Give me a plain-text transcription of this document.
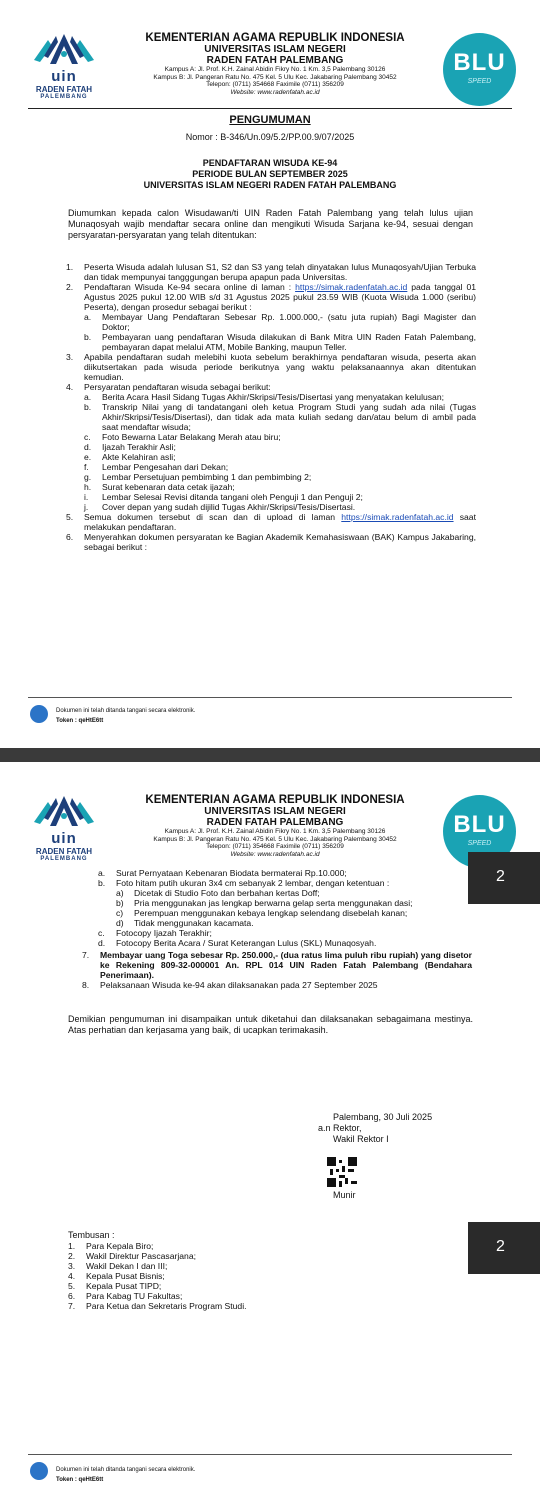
uin
RADEN FATAH
PALEMBANG
KEMENTERIAN AGAMA REPUBLIK INDONESIA
UNIVERSITAS ISLAM NEGERI
RADEN FATAH PALEMBANG
Kampus A: Jl. Prof. K.H. Zainal Abidin Fikry No. 1 Km. 3,5 Palembang 30126
Kampus B: Jl. Pangeran Ratu No. 475 Kel. 5 Ulu Kec. Jakabaring Palembang 30452
Telepon: (0711) 354668 Faximile (0711) 356209
Website: www.radenfatah.ac.id
BLU
SPEED
PENGUMUMAN
Nomor : B-346/Un.09/5.2/PP.00.9/07/2025
PENDAFTARAN WISUDA KE-94
PERIODE BULAN SEPTEMBER 2025
UNIVERSITAS ISLAM NEGERI RADEN FATAH PALEMBANG
Diumumkan kepada calon Wisudawan/ti UIN Raden Fatah Palembang yang telah lulus ujian Munaqosyah wajib mendaftar secara online dan mengikuti Wisuda Sarjana ke-94, sesuai dengan persyaratan-persyaratan yang telah ditentukan:
1.	Peserta Wisuda adalah lulusan S1, S2 dan S3 yang telah dinyatakan lulus Munaqosyah/Ujian Terbuka dan tidak mempunyai tangggungan berupa apapun pada Universitas.
2.	Pendaftaran Wisuda Ke-94 secara online di laman : https://simak.radenfatah.ac.id pada tanggal 01 Agustus 2025 pukul 12.00 WIB s/d 31 Agustus 2025 pukul 23.59 WIB (Kuota Wisuda 1.000 (seribu) Peserta), dengan prosedur sebagai berikut :
a.	Membayar Uang Pendaftaran Sebesar Rp. 1.000.000,- (satu juta rupiah) Bagi Magister dan Doktor;
b.	Pembayaran uang pendaftaran Wisuda dilakukan di Bank Mitra UIN Raden Fatah Palembang, pembayaran dapat melalui ATM, Mobile Banking, maupun Teller.
3.	Apabila pendaftaran sudah melebihi kuota sebelum berakhirnya pendaftaran wisuda, peserta akan diikutsertakan pada wisuda periode berikutnya yang waktu pelaksanaannya akan ditentukan kemudian.
4.	Persyaratan pendaftaran wisuda sebagai berikut:
a.	Berita Acara Hasil Sidang Tugas Akhir/Skripsi/Tesis/Disertasi yang menyatakan kelulusan;
b.	Transkrip Nilai yang di tandatangani oleh ketua Program Studi yang sudah ada nilai (Tugas Akhir/Skripsi/Tesis/Disertasi), dan tidak ada mata kuliah sedang dan/atau belum di ambil pada saat mendaftar wisuda;
c.	Foto Bewarna Latar Belakang Merah atau biru;
d.	Ijazah Terakhir Asli;
e.	Akte Kelahiran asli;
f.	Lembar Pengesahan dari Dekan;
g.	Lembar Persetujuan pembimbing 1 dan pembimbing 2;
h.	Surat kebenaran data cetak ijazah;
i.	Lembar Selesai Revisi ditanda tangani oleh Penguji 1 dan Penguji 2;
j.	Cover depan yang sudah dijilid Tugas Akhir/Skripsi/Tesis/Disertasi.
5.	Semua dokumen tersebut di scan dan di upload di laman https://simak.radenfatah.ac.id saat melakukan pendaftaran.
6.	Menyerahkan dokumen persyaratan ke Bagian Akademik Kemahasiswaan (BAK) Kampus Jakabaring, sebagai berikut :
Dokumen ini telah ditanda tangani secara elektronik.
Token : qeHtE6tt
uin
RADEN FATAH
PALEMBANG
KEMENTERIAN AGAMA REPUBLIK INDONESIA
UNIVERSITAS ISLAM NEGERI
RADEN FATAH PALEMBANG
Kampus A: Jl. Prof. K.H. Zainal Abidin Fikry No. 1 Km. 3,5 Palembang 30126
Kampus B: Jl. Pangeran Ratu No. 475 Kel. 5 Ulu Kec. Jakabaring Palembang 30452
Telepon: (0711) 354668 Faximile (0711) 356209
Website: www.radenfatah.ac.id
BLU
SPEED
a.	Surat Pernyataan Kebenaran Biodata bermaterai Rp.10.000;
b.	Foto hitam putih ukuran 3x4 cm sebanyak 2 lembar, dengan ketentuan :
a)	Dicetak di Studio Foto dan berbahan kertas Doff;
b)	Pria menggunakan jas lengkap berwarna gelap serta menggunakan dasi;
c)	Perempuan menggunakan kebaya lengkap selendang disebelah kanan;
d)	Tidak menggunakan kacamata.
c.	Fotocopy Ijazah Terakhir;
d.	Fotocopy Berita Acara / Surat Keterangan Lulus (SKL) Munaqosyah.
7.	Membayar uang Toga sebesar Rp. 250.000,- (dua ratus lima puluh ribu rupiah) yang disetor ke Rekening 809-32-000001 An. RPL 014 UIN Raden Fatah Palembang (Bendahara Penerimaan).
8.	Pelaksanaan Wisuda ke-94 akan dilaksanakan pada 27 September 2025
Demikian pengumuman ini disampaikan untuk diketahui dan dilaksanakan sebagaimana mestinya. Atas perhatian dan kerjasama yang baik, di ucapkan terimakasih.
Palembang, 30 Juli 2025
a.n Rektor,
Wakil Rektor I
Munir
Tembusan :
1.	Para Kepala Biro;
2.	Wakil Direktur Pascasarjana;
3.	Wakil Dekan I dan III;
4.	Kepala Pusat Bisnis;
5.	Kepala Pusat TIPD;
6.	Para Kabag TU Fakultas;
7.	Para Ketua dan Sekretaris Program Studi.
Dokumen ini telah ditanda tangani secara elektronik.
Token : qeHtE6tt
2
2
